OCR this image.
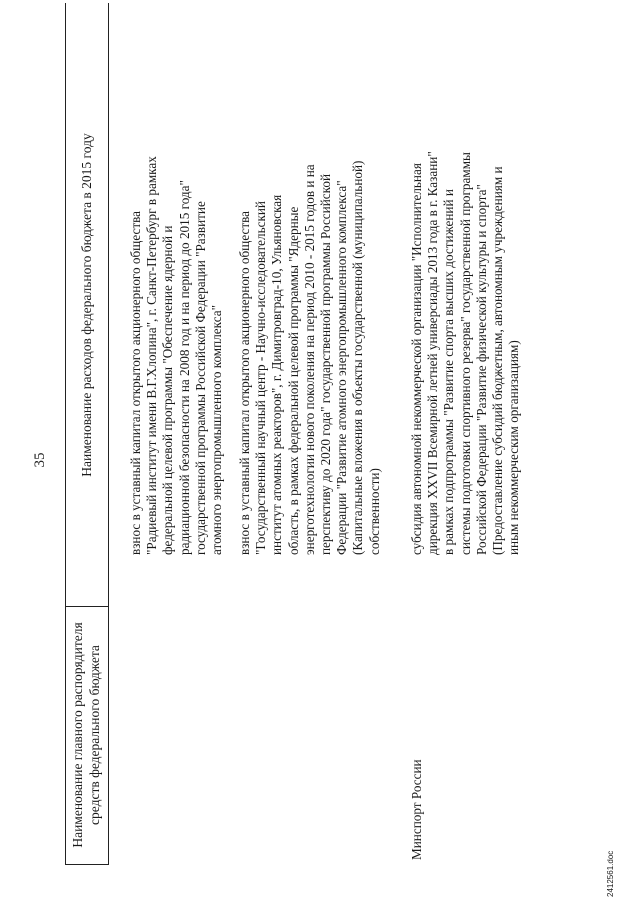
35
Наименование главного распорядителя средств федерального бюджета
Наименование расходов федерального бюджета в 2015 году	взнос в уставный капитал открытого акционерного общества "Радиевый институт имени В.Г.Хлопина", г. Санкт-Петербург в рамках федеральной целевой программы "Обеспечение ядерной и радиационной безопасности на 2008 год и на период до 2015 года" государственной программы Российской Федерации "Развитие атомного энергопромышленного комплекса" взнос в уставный капитал открытого акционерного общества "Государственный научный центр - Научно-исследовательский институт атомных реакторов", г. Димитровград-10, Ульяновская область, в рамках федеральной целевой программы "Ядерные энерготехнологии нового поколения на период 2010 - 2015 годов и на перспективу до 2020 года" государственной программы Российской Федерации "Развитие атомного энергопромышленного комплекса" (Капитальные вложения в объекты государственной (муниципальной) собственности)

Минспорт России

субсидия автономной некоммерческой организации "Исполнительная дирекция XXVII Всемирной летней универсиады 2013 года в г. Казани" в рамках подпрограммы "Развитие спорта высших достижений и системы подготовки спортивного резерва" государственной программы Российской Федерации "Развитие физической культуры и спорта" (Предоставление субсидий бюджетным, автономным учреждениям и иным некоммерческим организациям)

2412561.doc
